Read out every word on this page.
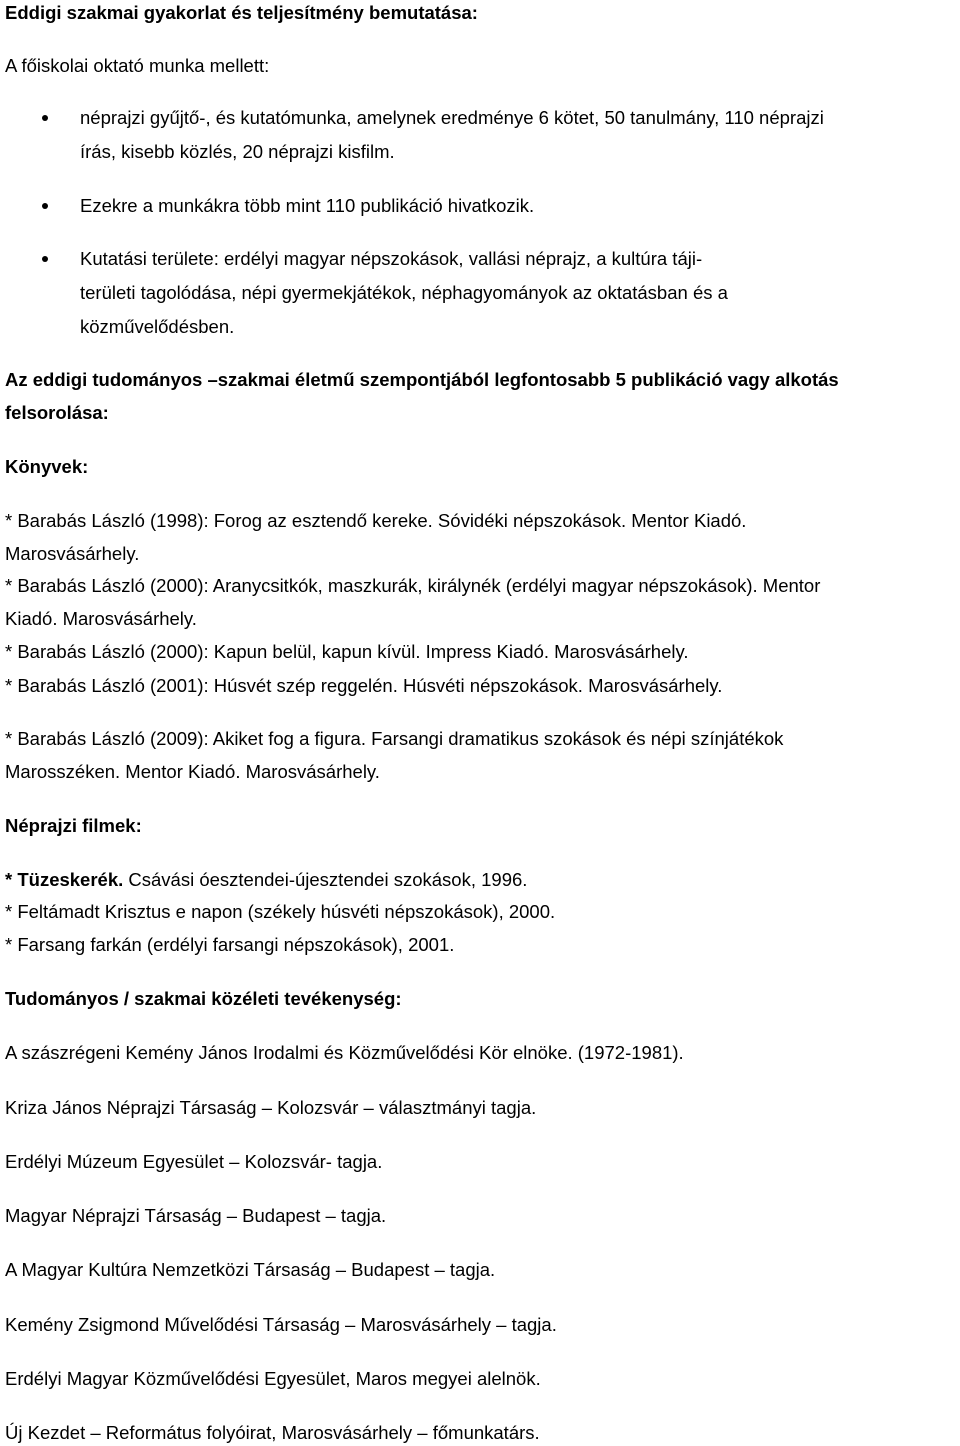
Eddigi szakmai gyakorlat és teljesítmény bemutatása:
A főiskolai oktató munka mellett:
néprajzi gyűjtő-, és kutatómunka, amelynek eredménye 6 kötet, 50 tanulmány, 110 néprajzi
írás, kisebb közlés, 20 néprajzi kisfilm.
Ezekre a munkákra több mint 110 publikáció hivatkozik.
Kutatási területe: erdélyi magyar népszokások, vallási néprajz, a kultúra táji-
területi tagolódása, népi gyermekjátékok, néphagyományok az oktatásban és a
közművelődésben.
Az eddigi tudományos –szakmai életmű szempontjából legfontosabb 5 publikáció vagy alkotás
felsorolása:
Könyvek:
* Barabás László (1998): Forog az esztendő kereke. Sóvidéki népszokások. Mentor Kiadó.
Marosvásárhely.
* Barabás László (2000): Aranycsitkók, maszkurák, királynék (erdélyi magyar népszokások). Mentor
Kiadó. Marosvásárhely.
* Barabás László (2000): Kapun belül, kapun kívül. Impress Kiadó. Marosvásárhely.
* Barabás László (2001): Húsvét szép reggelén. Húsvéti népszokások. Marosvásárhely.
* Barabás László (2009): Akiket fog a figura. Farsangi dramatikus szokások és népi színjátékok
Marosszéken. Mentor Kiadó. Marosvásárhely.
Néprajzi filmek:
* Tüzeskerék. Csávási óesztendei-újesztendei szokások, 1996.
* Feltámadt Krisztus e napon (székely húsvéti népszokások), 2000.
* Farsang farkán (erdélyi farsangi népszokások), 2001.
Tudományos / szakmai közéleti tevékenység:
A szászrégeni Kemény János Irodalmi és Közművelődési Kör elnöke. (1972-1981).
Kriza János Néprajzi Társaság – Kolozsvár – választmányi tagja.
Erdélyi Múzeum Egyesület – Kolozsvár- tagja.
Magyar Néprajzi Társaság – Budapest – tagja.
A Magyar Kultúra Nemzetközi Társaság – Budapest – tagja.
Kemény Zsigmond Művelődési Társaság – Marosvásárhely – tagja.
Erdélyi Magyar Közművelődési Egyesület, Maros megyei alelnök.
Új Kezdet – Református folyóirat, Marosvásárhely – főmunkatárs.
